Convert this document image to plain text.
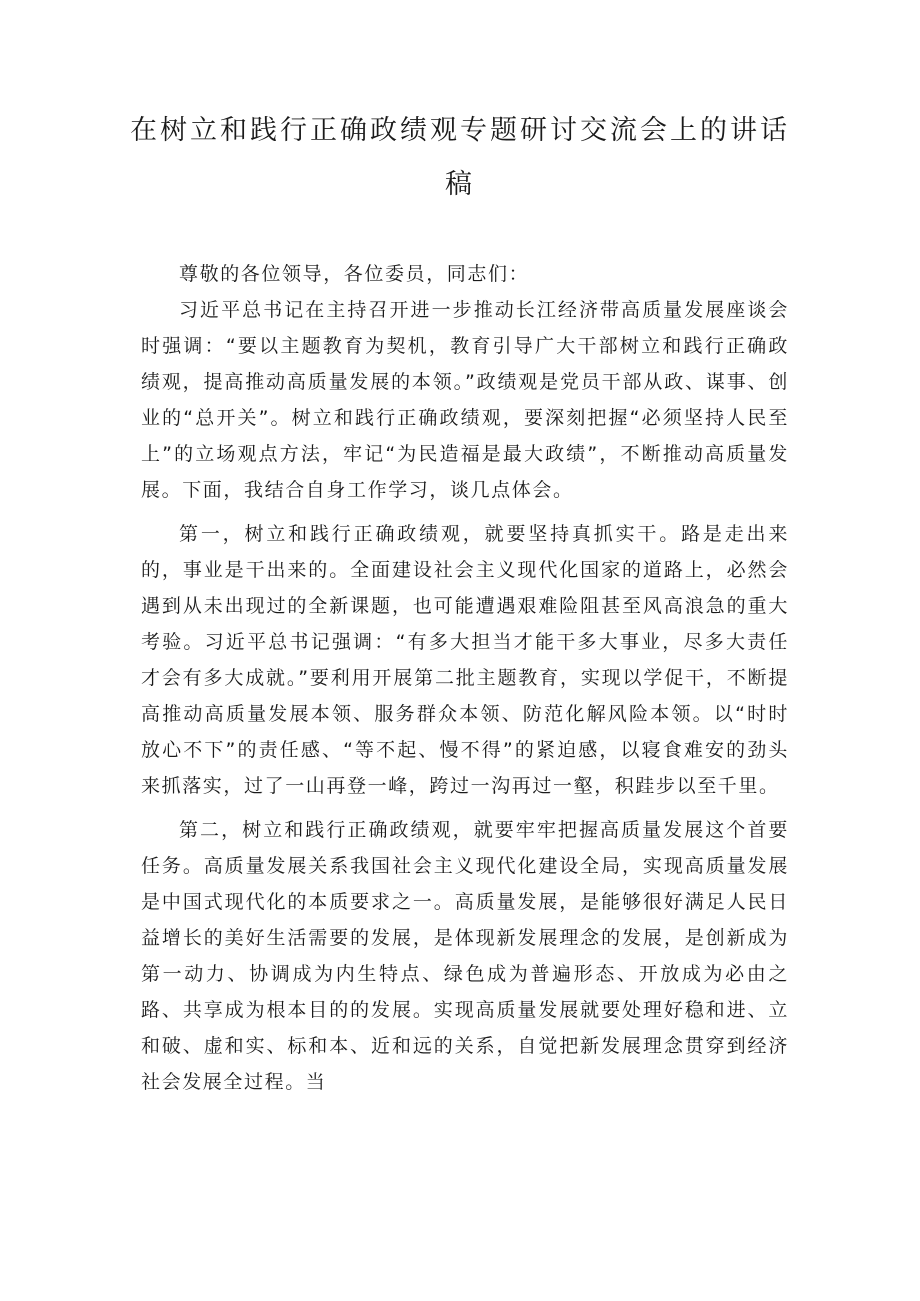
在树立和践行正确政绩观专题研讨交流会上的讲话
稿

尊敬的各位领导，各位委员，同志们：

习近平总书记在主持召开进一步推动长江经济带高质量发展座谈会时强调：“要以主题教育为契机，教育引导广大干部树立和践行正确政绩观，提高推动高质量发展的本领。”政绩观是党员干部从政、谋事、创业的“总开关”。树立和践行正确政绩观，要深刻把握“必须坚持人民至上”的立场观点方法，牢记“为民造福是最大政绩”，不断推动高质量发展。下面，我结合自身工作学习，谈几点体会。

第一，树立和践行正确政绩观，就要坚持真抓实干。路是走出来的，事业是干出来的。全面建设社会主义现代化国家的道路上，必然会遇到从未出现过的全新课题，也可能遭遇艰难险阻甚至风高浪急的重大考验。习近平总书记强调：“有多大担当才能干多大事业，尽多大责任才会有多大成就。”要利用开展第二批主题教育，实现以学促干，不断提高推动高质量发展本领、服务群众本领、防范化解风险本领。以“时时放心不下”的责任感、“等不起、慢不得”的紧迫感，以寝食难安的劲头来抓落实，过了一山再登一峰，跨过一沟再过一壑，积跬步以至千里。

第二，树立和践行正确政绩观，就要牢牢把握高质量发展这个首要任务。高质量发展关系我国社会主义现代化建设全局，实现高质量发展是中国式现代化的本质要求之一。高质量发展，是能够很好满足人民日益增长的美好生活需要的发展，是体现新发展理念的发展，是创新成为第一动力、协调成为内生特点、绿色成为普遍形态、开放成为必由之路、共享成为根本目的的发展。实现高质量发展就要处理好稳和进、立和破、虚和实、标和本、近和远的关系，自觉把新发展理念贯穿到经济社会发展全过程。当
